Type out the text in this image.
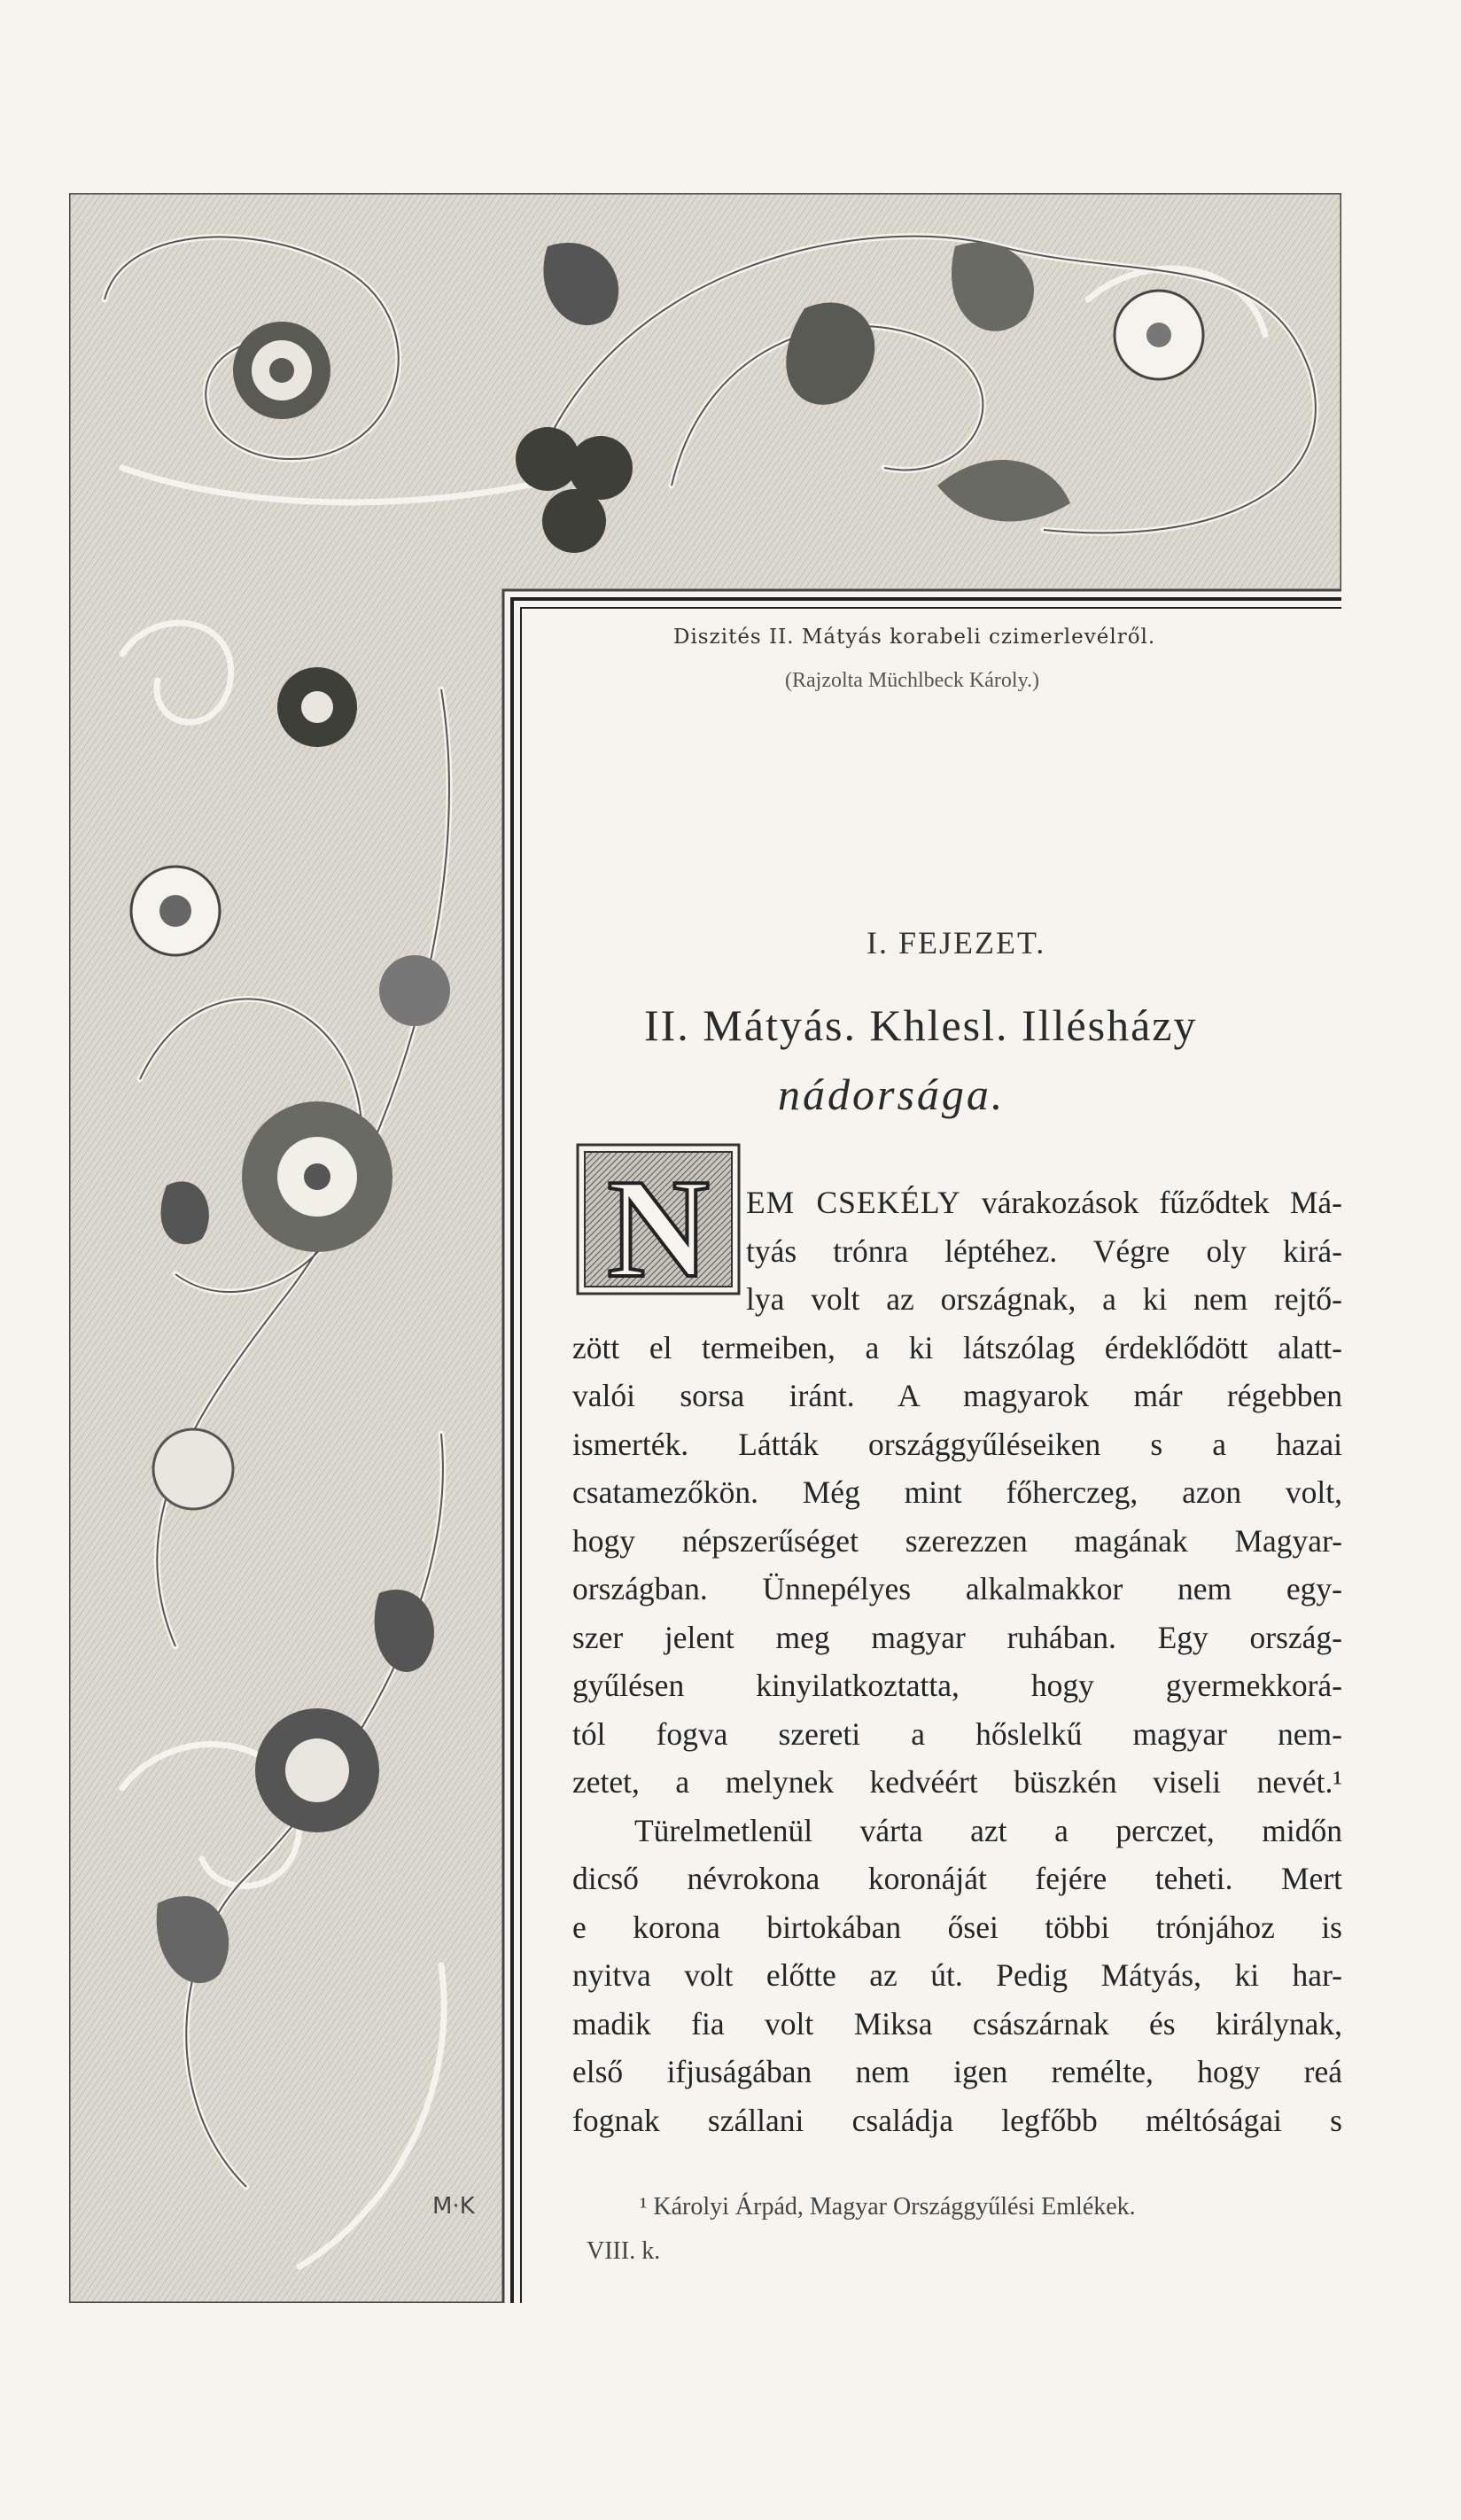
M·K
Diszités II. Mátyás korabeli czimerlevélről.
(Rajzolta Müchlbeck Károly.)
I. FEJEZET.
II. Mátyás. Khlesl. Illésházy
nádorsága.
N	EM CSEKÉLY várakozások fűződtek Má-
tyás trónra léptéhez. Végre oly kirá-
lya volt az országnak, a ki nem rejtő-
zött el termeiben, a ki látszólag érdeklődött alatt-
valói sorsa iránt. A magyarok már régebben
ismerték. Látták országgyűléseiken s a hazai
csatamezőkön. Még mint főherczeg, azon volt,
hogy népszerűséget szerezzen magának Magyar-
országban. Ünnepélyes alkalmakkor nem egy-
szer jelent meg magyar ruhában. Egy ország-
gyűlésen kinyilatkoztatta, hogy gyermekkorá-
tól fogva szereti a hőslelkű magyar nem-
zetet, a melynek kedvéért büszkén viseli nevét.¹
Türelmetlenül várta azt a perczet, midőn
dicső névrokona koronáját fejére teheti. Mert
e korona birtokában ősei többi trónjához is
nyitva volt előtte az út. Pedig Mátyás, ki har-
madik fia volt Miksa császárnak és királynak,
első ifjuságában nem igen remélte, hogy reá
fognak szállani családja legfőbb méltóságai s
¹ Károlyi Árpád, Magyar Országgyűlési Emlékek.
VIII. k.
